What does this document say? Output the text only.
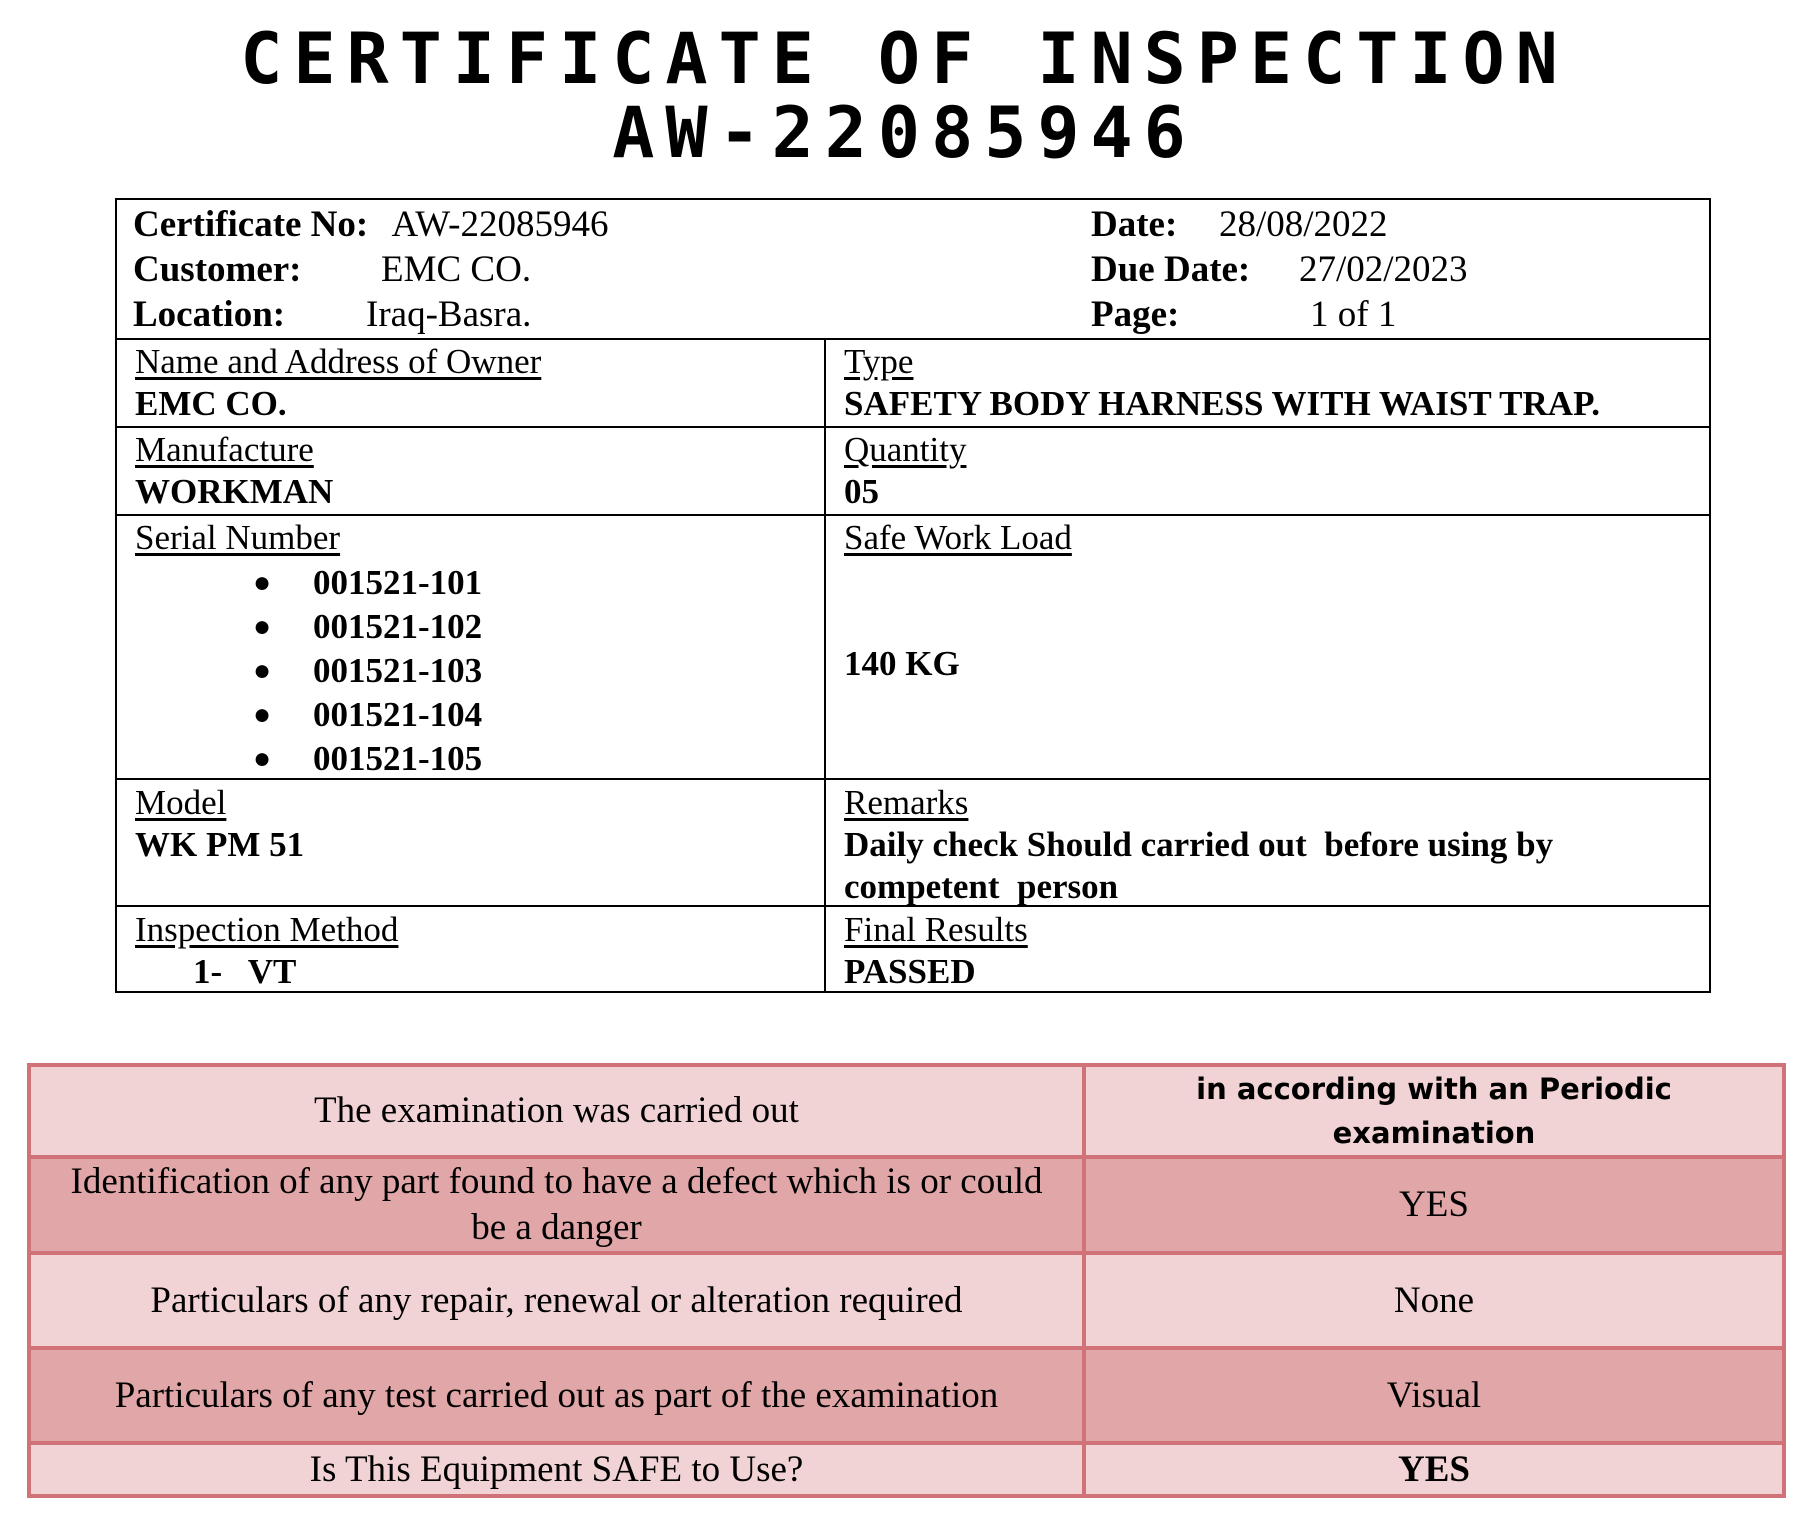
CERTIFICATE OF INSPECTION
AW-22085946
Certificate No: AW-22085946
Customer: EMC CO.
Location: Iraq-Basra.
Date: 28/08/2022
Due Date: 27/02/2023
Page:	1 of 1
Name and Address of Owner
EMC CO.
Type
SAFETY BODY HARNESS WITH WAIST TRAP.
Manufacture
WORKMAN
Quantity
05
Serial Number
● 001521-101
● 001521-102
● 001521-103
● 001521-104
● 001521-105
Safe Work Load
140 KG
Model
WK PM 51
Remarks
Daily check Should carried out  before using by
competent  person
Inspection Method
1-   VT
Final Results
PASSED
The examination was carried out	in according with an Periodic examination
Identification of any part found to have a defect which is or could be a danger	YES
Particulars of any repair, renewal or alteration required	None
Particulars of any test carried out as part of the examination	Visual
Is This Equipment SAFE to Use?	YES
